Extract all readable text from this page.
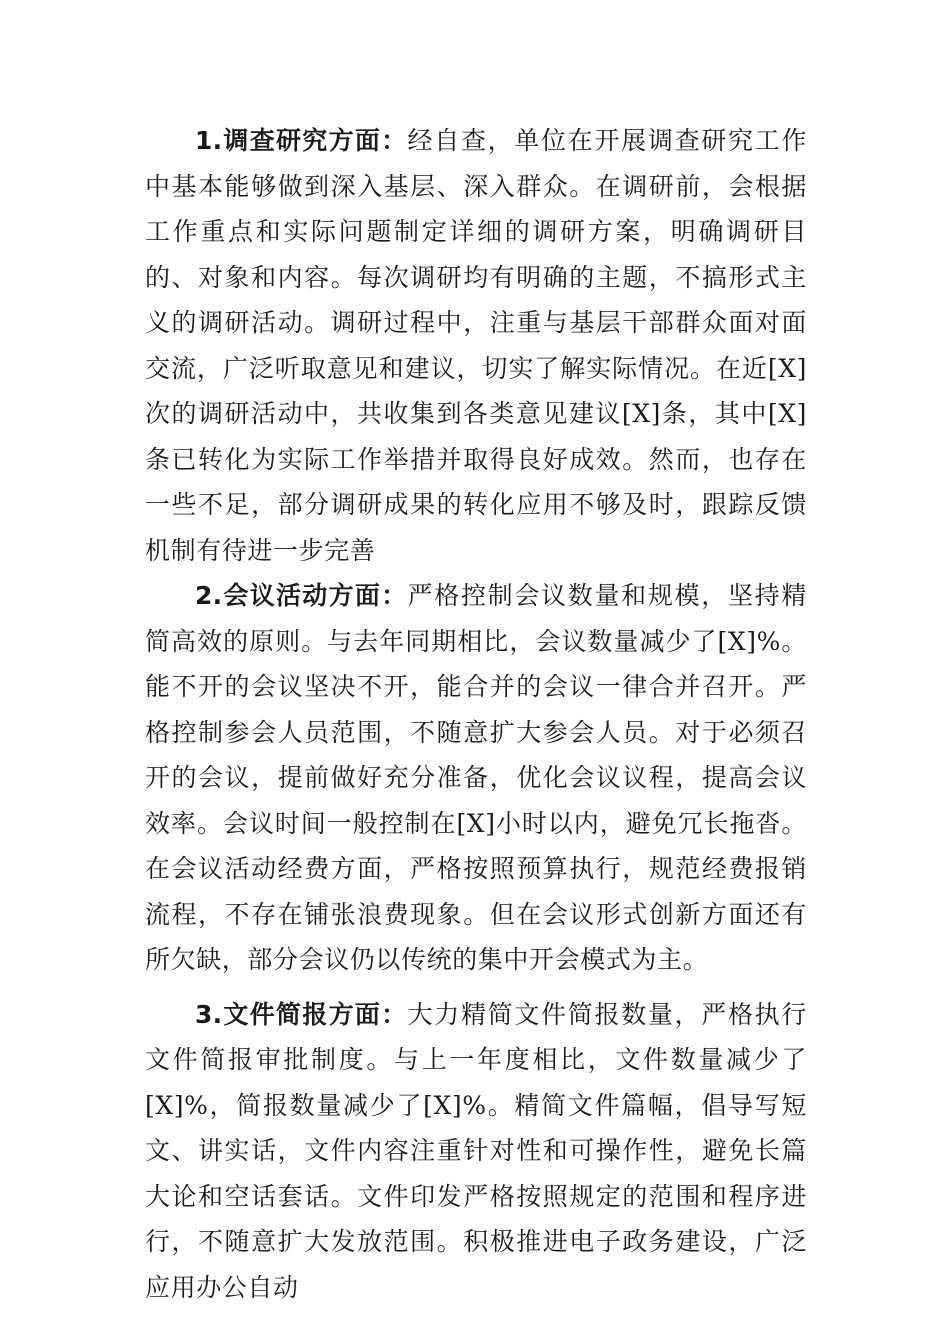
1.调查研究方面：经自查，单位在开展调查研究工作中基本能够做到深入基层、深入群众。在调研前，会根据工作重点和实际问题制定详细的调研方案，明确调研目的、对象和内容。每次调研均有明确的主题，不搞形式主义的调研活动。调研过程中，注重与基层干部群众面对面交流，广泛听取意见和建议，切实了解实际情况。在近[X]次的调研活动中，共收集到各类意见建议[X]条，其中[X]条已转化为实际工作举措并取得良好成效。然而，也存在一些不足，部分调研成果的转化应用不够及时，跟踪反馈机制有待进一步完善

2.会议活动方面：严格控制会议数量和规模，坚持精简高效的原则。与去年同期相比，会议数量减少了[X]%。能不开的会议坚决不开，能合并的会议一律合并召开。严格控制参会人员范围，不随意扩大参会人员。对于必须召开的会议，提前做好充分准备，优化会议议程，提高会议效率。会议时间一般控制在[X]小时以内，避免冗长拖沓。在会议活动经费方面，严格按照预算执行，规范经费报销流程，不存在铺张浪费现象。但在会议形式创新方面还有所欠缺，部分会议仍以传统的集中开会模式为主。

3.文件简报方面：大力精简文件简报数量，严格执行文件简报审批制度。与上一年度相比，文件数量减少了[X]%，简报数量减少了[X]%。精简文件篇幅，倡导写短文、讲实话，文件内容注重针对性和可操作性，避免长篇大论和空话套话。文件印发严格按照规定的范围和程序进行，不随意扩大发放范围。积极推进电子政务建设，广泛应用办公自动
